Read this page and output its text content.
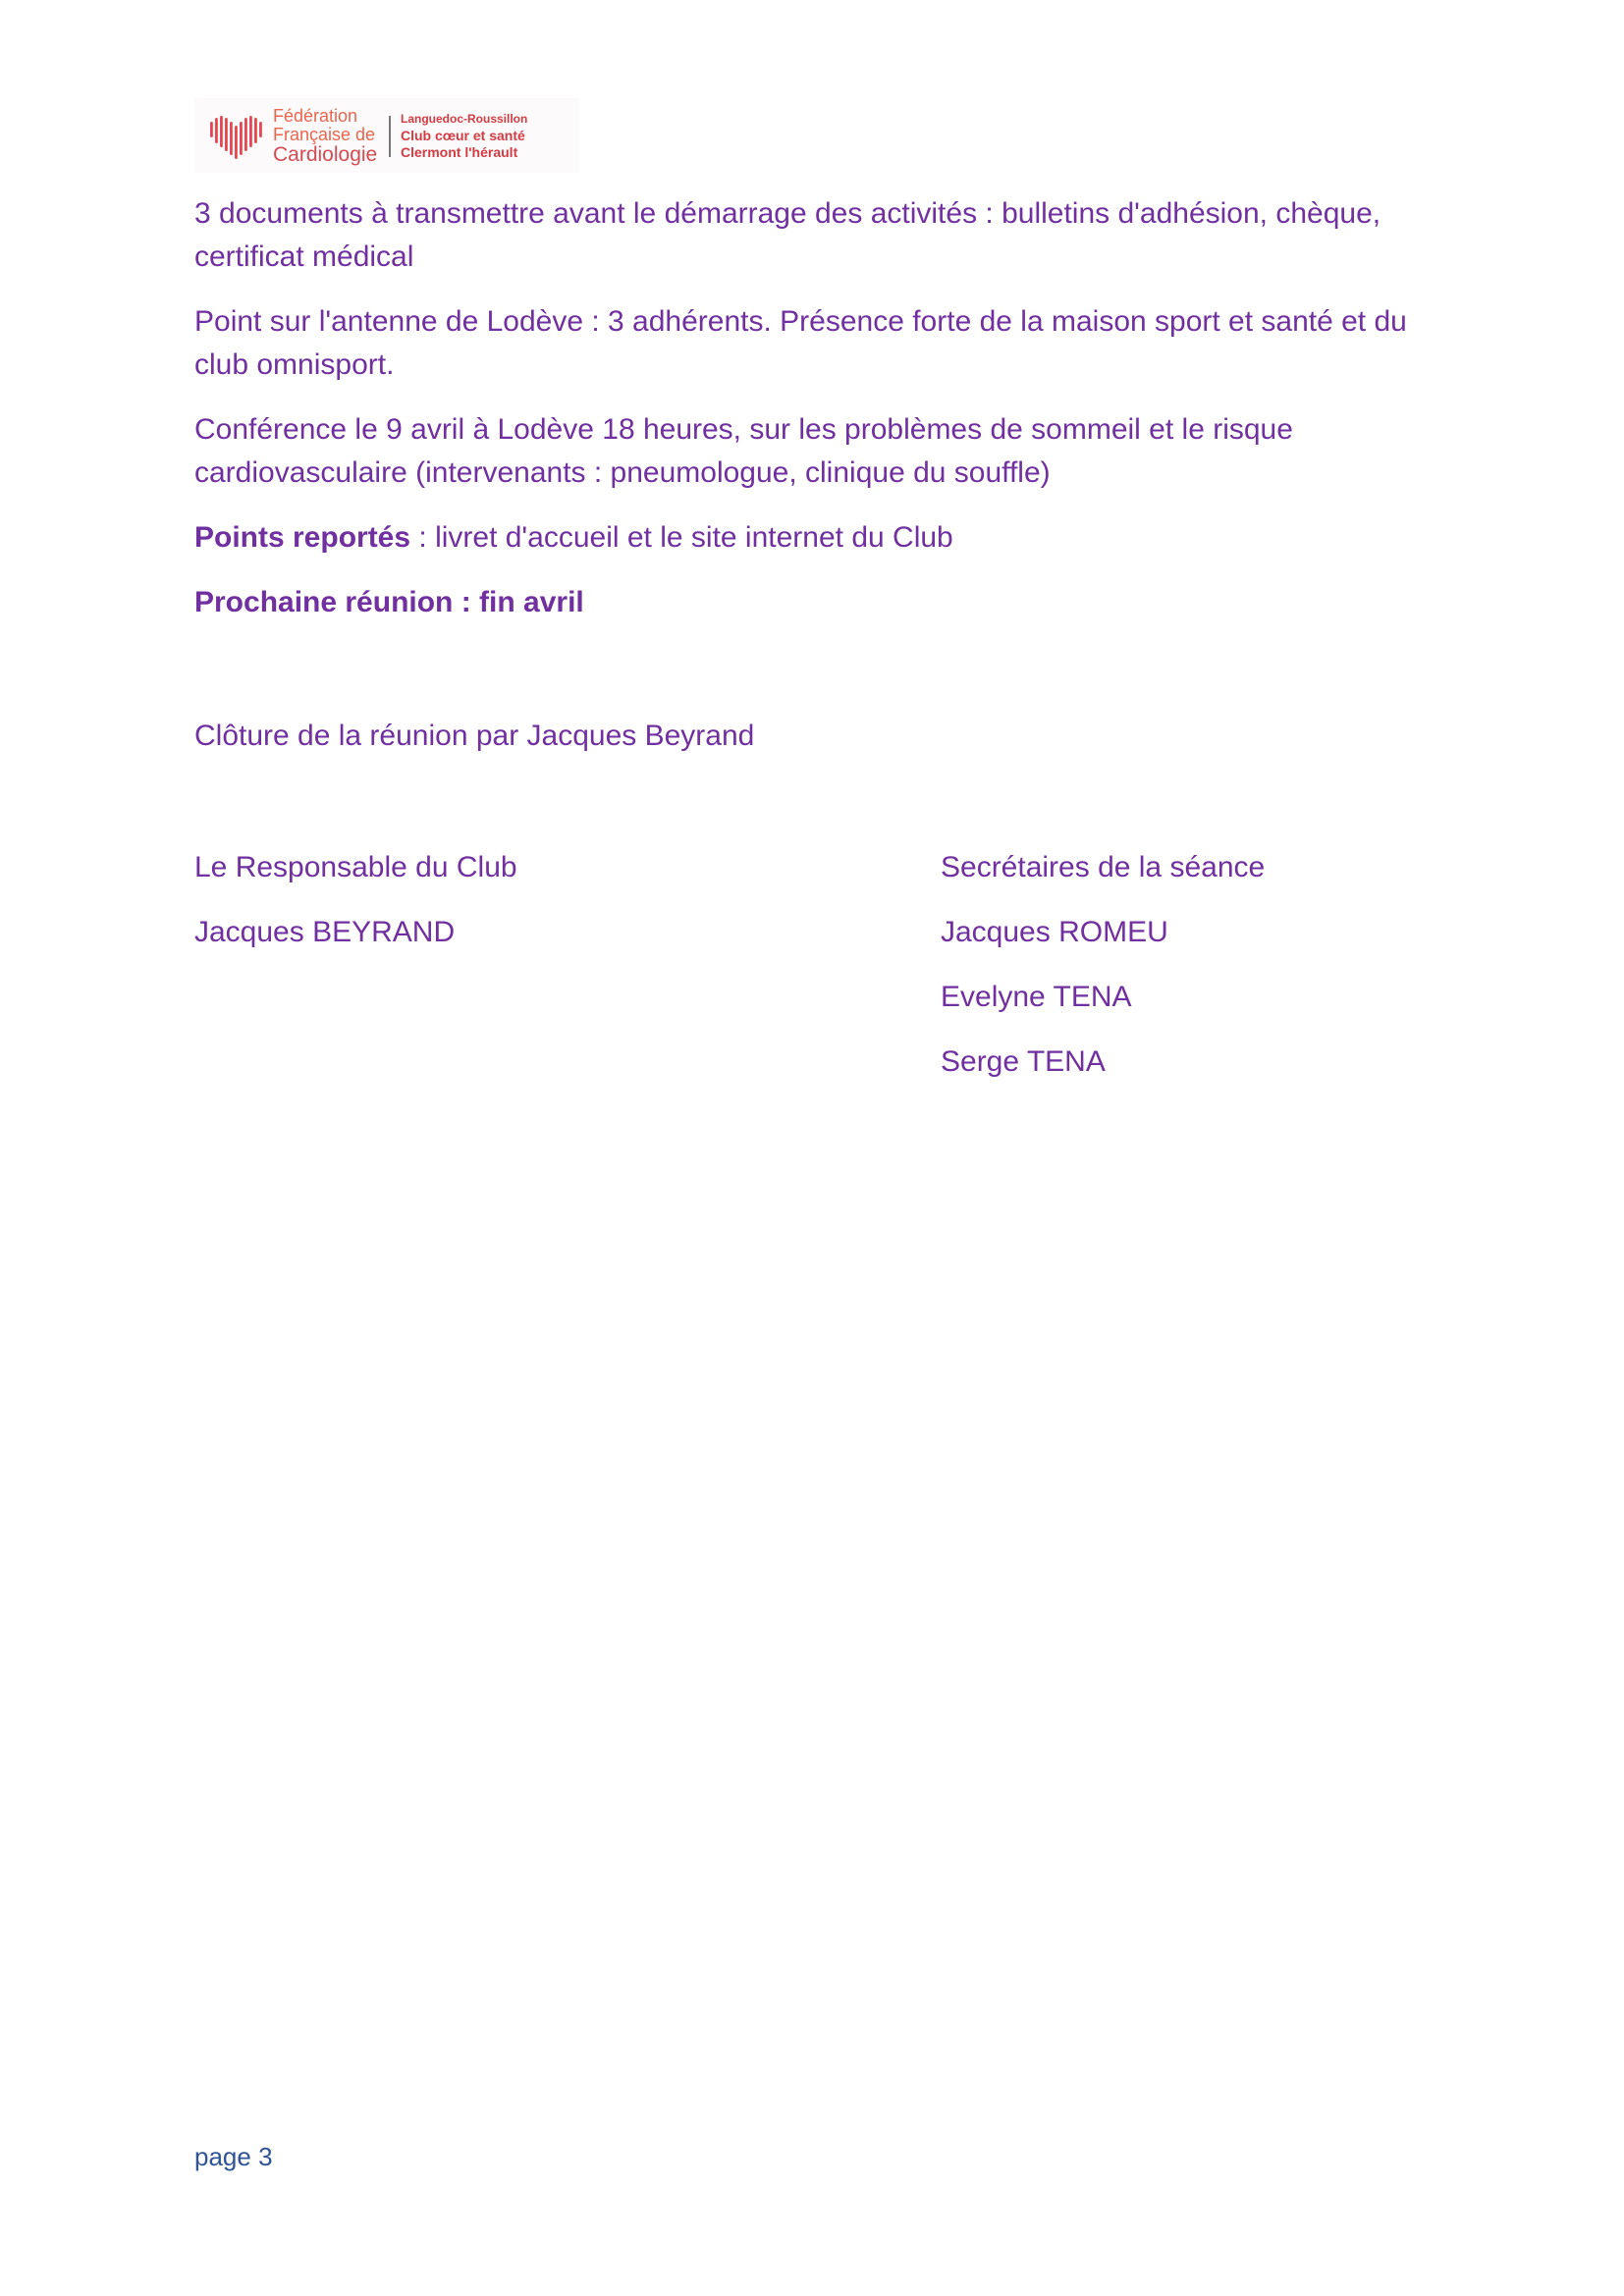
Fédération
Française de
Cardiologie
Languedoc-Roussillon
Club cœur et santé
Clermont l'hérault

3 documents à transmettre avant le démarrage des activités : bulletins d'adhésion, chèque, certificat médical

Point sur l'antenne de Lodève : 3 adhérents. Présence forte de la maison sport et santé et du club omnisport.

Conférence le 9 avril à Lodève 18 heures, sur les problèmes de sommeil et le risque cardiovasculaire (intervenants : pneumologue, clinique du souffle)

Points reportés : livret d'accueil et le site internet du Club

Prochaine réunion : fin avril

Clôture de la réunion par Jacques Beyrand

Le Responsable du Club
Jacques BEYRAND
Secrétaires de la séance
Jacques ROMEU
Evelyne TENA
Serge TENA
page 3
